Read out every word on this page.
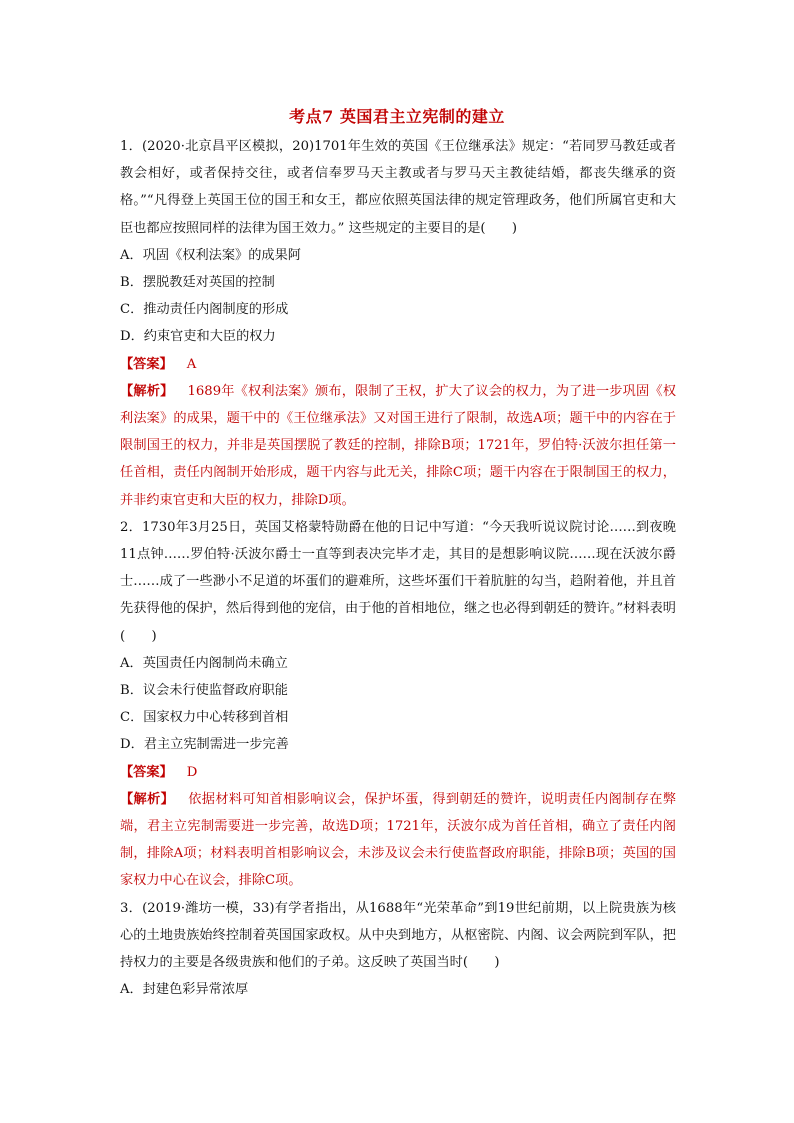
考点7 英国君主立宪制的建立

1．(2020·北京昌平区模拟，20)1701年生效的英国《王位继承法》规定：“若同罗马教廷或者教会相好，或者保持交往，或者信奉罗马天主教或者与罗马天主教徒结婚，都丧失继承的资格。”“凡得登上英国王位的国王和女王，都应依照英国法律的规定管理政务，他们所属官吏和大臣也都应按照同样的法律为国王效力。” 这些规定的主要目的是(　　)

A．巩固《权利法案》的成果阿

B．摆脱教廷对英国的控制

C．推动责任内阁制度的形成

D．约束官吏和大臣的权力

【答案】 A

【解析】 1689年《权利法案》颁布，限制了王权，扩大了议会的权力，为了进一步巩固《权利法案》的成果，题干中的《王位继承法》又对国王进行了限制，故选A项；题干中的内容在于限制国王的权力，并非是英国摆脱了教廷的控制，排除B项；1721年，罗伯特·沃波尔担任第一任首相，责任内阁制开始形成，题干内容与此无关，排除C项；题干内容在于限制国王的权力，并非约束官吏和大臣的权力，排除D项。

2．1730年3月25日，英国艾格蒙特勋爵在他的日记中写道：“今天我听说议院讨论……到夜晚11点钟……罗伯特·沃波尔爵士一直等到表决完毕才走，其目的是想影响议院……现在沃波尔爵士……成了一些渺小不足道的坏蛋们的避难所，这些坏蛋们干着肮脏的勾当，趋附着他，并且首先获得他的保护，然后得到他的宠信，由于他的首相地位，继之也必得到朝廷的赞许。”材料表明(　　)

A．英国责任内阁制尚未确立

B．议会未行使监督政府职能

C．国家权力中心转移到首相

D．君主立宪制需进一步完善

【答案】 D

【解析】 依据材料可知首相影响议会，保护坏蛋，得到朝廷的赞许，说明责任内阁制存在弊端，君主立宪制需要进一步完善，故选D项；1721年，沃波尔成为首任首相，确立了责任内阁制，排除A项；材料表明首相影响议会，未涉及议会未行使监督政府职能，排除B项；英国的国家权力中心在议会，排除C项。

3．(2019·潍坊一模，33)有学者指出，从1688年“光荣革命”到19世纪前期，以上院贵族为核心的土地贵族始终控制着英国国家政权。从中央到地方，从枢密院、内阁、议会两院到军队，把持权力的主要是各级贵族和他们的子弟。这反映了英国当时(　　)

A．封建色彩异常浓厚
